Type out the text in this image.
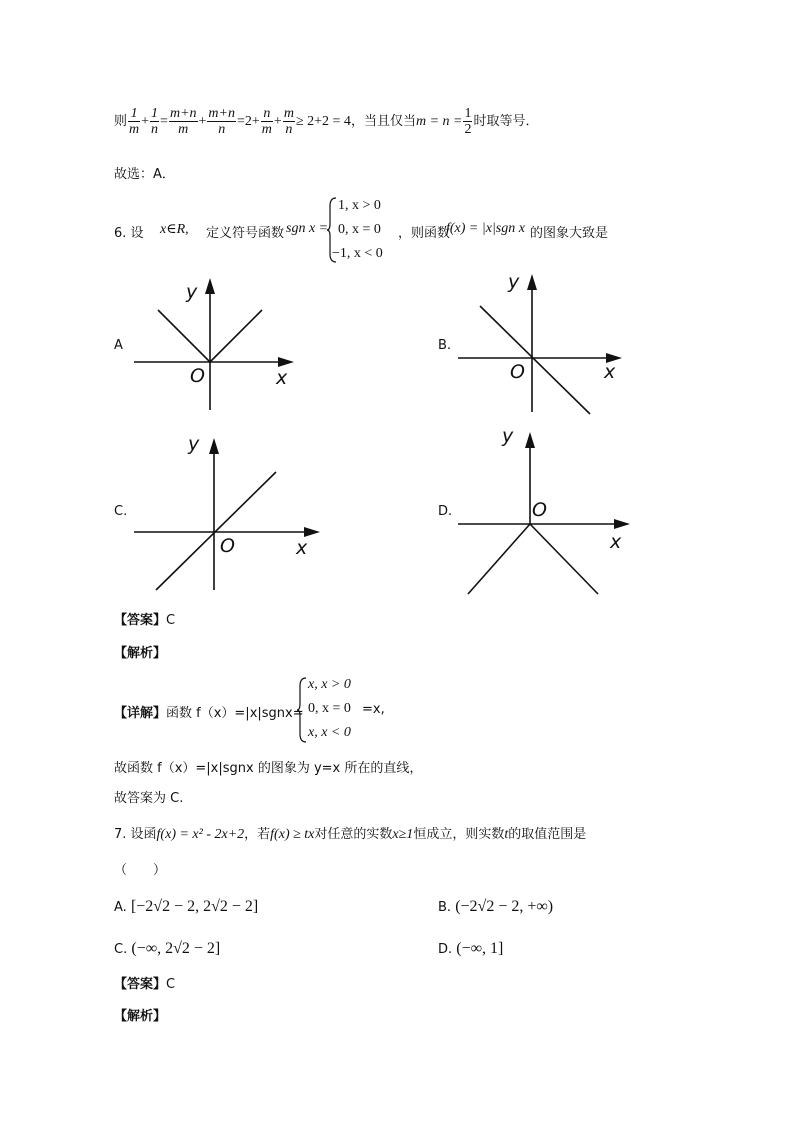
则 $\frac{1}{m} + \frac{1}{n} = \frac{m+n}{m} + \frac{m+n}{n} =2+ \frac{n}{m} + \frac{m}{n} \ge 2+2 = 4$，当且仅当$m = n = \frac{1}{2}$ 时取等号．
故选：A．
6. 设 x∈R, 定义符号函数 sgn x =
1, x > 0
0, x = 0
−1, x < 0
，则函数
f(x) = |x|sgn x 的图象大致是
A
y
O	x
B.
y
O	x
C.
y
O	x
D.
y
O
x
【答案】C
【解析】
【详解】函数 f（x）=|x|sgnx=
x, x > 0
0, x = 0
x, x < 0
=x,
故函数 f（x）=|x|sgnx 的图象为 y=x 所在的直线，
故答案为 C.
7. 设函f(x) = x² - 2x+2，若f(x) ≥ tx对任意的实数x≥1恒成立，则实数t的取值范围是
（　　）
A. [−2√2 − 2, 2√2 − 2]	B. (−2√2 − 2, +∞)
C. (−∞, 2√2 − 2]	D. (−∞, 1]
【答案】C
【解析】
